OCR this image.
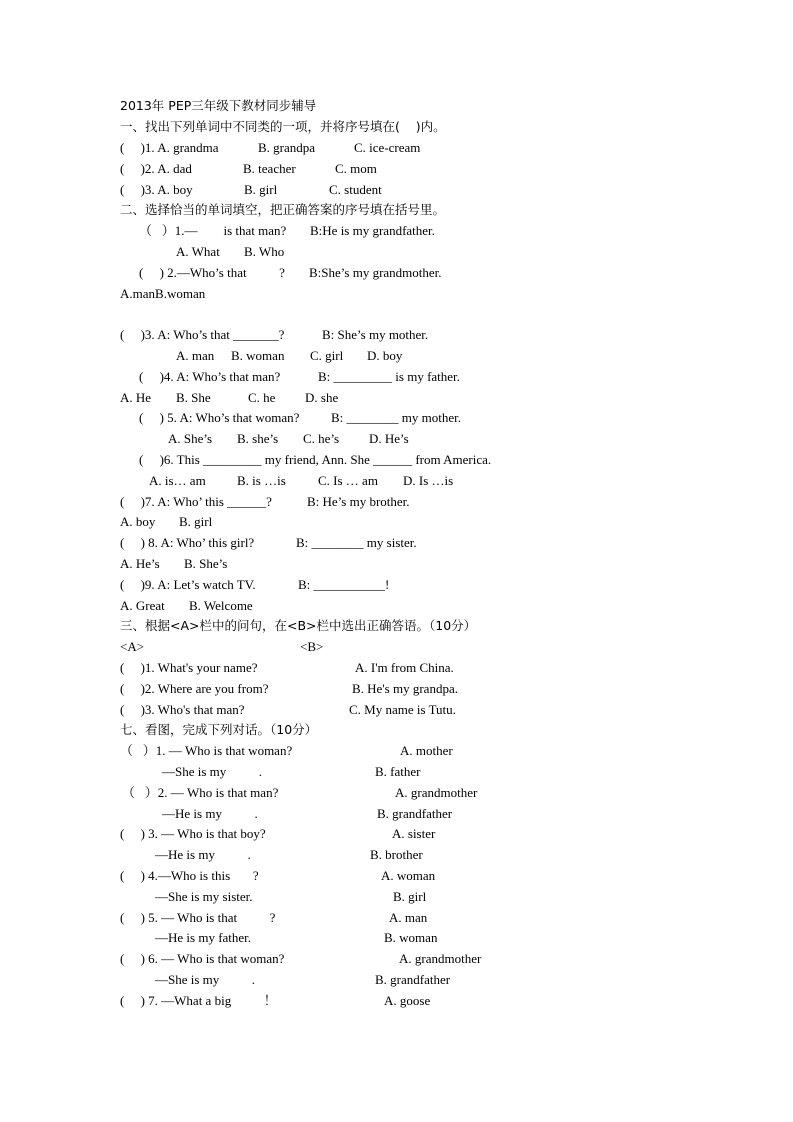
2013年 PEP三年级下教材同步辅导
一、找出下列单词中不同类的一项，并将序号填在(    )内。
(     )1. A. grandma	B. grandpa	C. ice-cream
(     )2. A. dad	B. teacher	C. mom
(     )3. A. boy	B. girl	C. student
二、选择恰当的单词填空，把正确答案的序号填在括号里。
（   ）1.—        is that man? B:He is my grandfather.
A. What B. Who
(     ) 2.—Who’s that          ? B:She’s my grandmother.
A.manB.woman
(     )3. A: Who’s that _______?	B: She’s my mother.
A. man B. woman C. girl D. boy
(     )4. A: Who’s that man?	B: _________ is my father.
A. He B. She	C. he D. she
(     ) 5. A: Who’s that woman? B: ________ my mother.
A. She’s B. she’s C. he’s D. He’s
(     )6. This _________ my friend, Ann. She ______ from America.
A. is… am B. is …is C. Is … am D. Is …is
(     )7. A: Who’ this ______?	B: He’s my brother.
A. boy B. girl
(     ) 8. A: Who’ this girl?	B: ________ my sister.
A. He’s B. She’s
(     )9. A: Let’s watch TV.	B: ___________!
A. Great B. Welcome
三、根据<A>栏中的问句，在<B>栏中选出正确答语。（10分）
<A>	<B>
(     )1. What's your name?	A. I'm from China.
(     )2. Where are you from?	B. He's my grandpa.
(     )3. Who's that man?	C. My name is Tutu.
七、看图，完成下列对话。（10分）
（   ）1. — Who is that woman?	A. mother
—She is my          .	B. father
（   ）2. — Who is that man?	A. grandmother
—He is my          .	B. grandfather
(     ) 3. — Who is that boy?	A. sister
—He is my          .	B. brother
(     ) 4.—Who is this       ?	A. woman
—She is my sister.	B. girl
(     ) 5. — Who is that          ?	A. man
—He is my father.	B. woman
(     ) 6. — Who is that woman?	A. grandmother
—She is my          .	B. grandfather
(     ) 7. —What a big          ！	A. goose
